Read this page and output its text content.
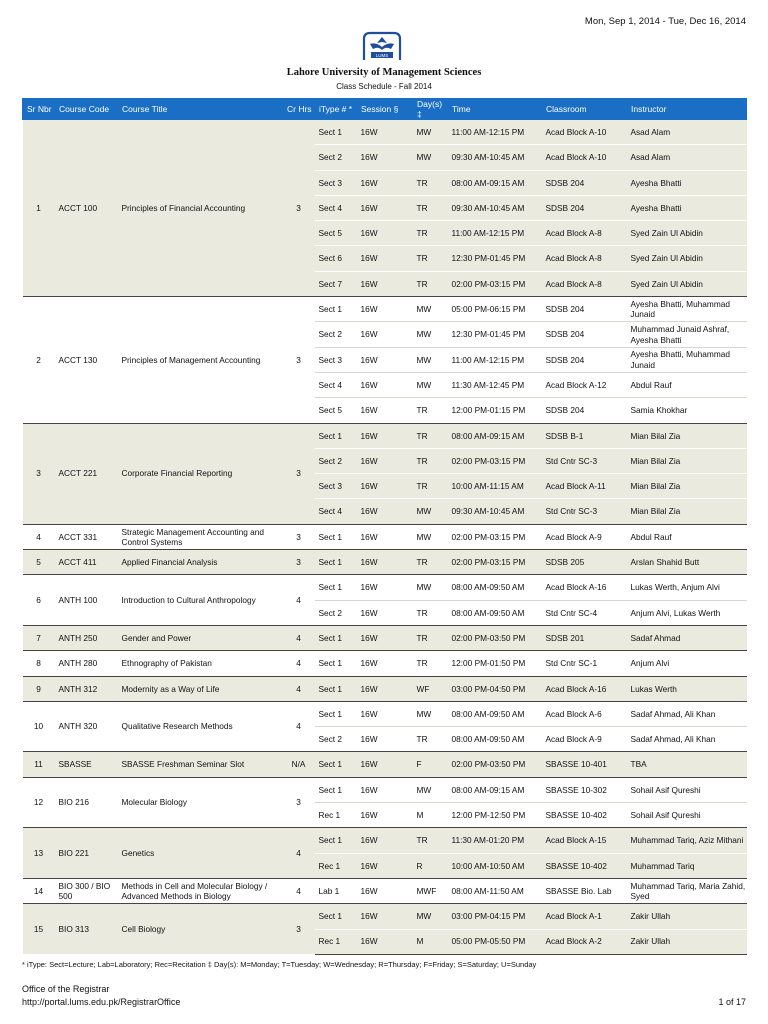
Mon, Sep 1, 2014 - Tue, Dec 16, 2014
LUMS
Lahore University of Management Sciences
Class Schedule - Fall 2014
Sr Nbr	Course Code	Course Title	Cr Hrs	iType # *	Session §	Day(s) ‡	Time	Classroom	Instructor
1	ACCT 100	Principles of Financial Accounting	3	Sect 1	16W	MW	11:00 AM-12:15 PM	Acad Block A-10	Asad Alam
				Sect 2	16W	MW	09:30 AM-10:45 AM	Acad Block A-10	Asad Alam
				Sect 3	16W	TR	08:00 AM-09:15 AM	SDSB 204	Ayesha Bhatti
				Sect 4	16W	TR	09:30 AM-10:45 AM	SDSB 204	Ayesha Bhatti
				Sect 5	16W	TR	11:00 AM-12:15 PM	Acad Block A-8	Syed Zain Ul Abidin
				Sect 6	16W	TR	12:30 PM-01:45 PM	Acad Block A-8	Syed Zain Ul Abidin
				Sect 7	16W	TR	02:00 PM-03:15 PM	Acad Block A-8	Syed Zain Ul Abidin
2	ACCT 130	Principles of Management Accounting	3	Sect 1	16W	MW	05:00 PM-06:15 PM	SDSB 204	Ayesha Bhatti, Muhammad Junaid
				Sect 2	16W	MW	12:30 PM-01:45 PM	SDSB 204	Muhammad Junaid Ashraf, Ayesha Bhatti
				Sect 3	16W	MW	11:00 AM-12:15 PM	SDSB 204	Ayesha Bhatti, Muhammad Junaid
				Sect 4	16W	MW	11:30 AM-12:45 PM	Acad Block A-12	Abdul Rauf
				Sect 5	16W	TR	12:00 PM-01:15 PM	SDSB 204	Samia Khokhar
3	ACCT 221	Corporate Financial Reporting	3	Sect 1	16W	TR	08:00 AM-09:15 AM	SDSB B-1	Mian Bilal Zia
				Sect 2	16W	TR	02:00 PM-03:15 PM	Std Cntr SC-3	Mian Bilal Zia
				Sect 3	16W	TR	10:00 AM-11:15 AM	Acad Block A-11	Mian Bilal Zia
				Sect 4	16W	MW	09:30 AM-10:45 AM	Std Cntr SC-3	Mian Bilal Zia
4	ACCT 331	Strategic Management Accounting and Control Systems	3	Sect 1	16W	MW	02:00 PM-03:15 PM	Acad Block A-9	Abdul Rauf
5	ACCT 411	Applied Financial Analysis	3	Sect 1	16W	TR	02:00 PM-03:15 PM	SDSB 205	Arslan Shahid Butt
6	ANTH 100	Introduction to Cultural Anthropology	4	Sect 1	16W	MW	08:00 AM-09:50 AM	Acad Block A-16	Lukas Werth, Anjum Alvi
				Sect 2	16W	TR	08:00 AM-09:50 AM	Std Cntr SC-4	Anjum Alvi, Lukas Werth
7	ANTH 250	Gender and Power	4	Sect 1	16W	TR	02:00 PM-03:50 PM	SDSB 201	Sadaf Ahmad
8	ANTH 280	Ethnography of Pakistan	4	Sect 1	16W	TR	12:00 PM-01:50 PM	Std Cntr SC-1	Anjum Alvi
9	ANTH 312	Modernity as a Way of Life	4	Sect 1	16W	WF	03:00 PM-04:50 PM	Acad Block A-16	Lukas Werth
10	ANTH 320	Qualitative Research Methods	4	Sect 1	16W	MW	08:00 AM-09:50 AM	Acad Block A-6	Sadaf Ahmad, Ali Khan
				Sect 2	16W	TR	08:00 AM-09:50 AM	Acad Block A-9	Sadaf Ahmad, Ali Khan
11	SBASSE	SBASSE Freshman Seminar Slot	N/A	Sect 1	16W	F	02:00 PM-03:50 PM	SBASSE 10-401	TBA
12	BIO 216	Molecular Biology	3	Sect 1	16W	MW	08:00 AM-09:15 AM	SBASSE 10-302	Sohail Asif Qureshi
				Rec 1	16W	M	12:00 PM-12:50 PM	SBASSE 10-402	Sohail Asif Qureshi
13	BIO 221	Genetics	4	Sect 1	16W	TR	11:30 AM-01:20 PM	Acad Block A-15	Muhammad Tariq, Aziz Mithani
				Rec 1	16W	R	10:00 AM-10:50 AM	SBASSE 10-402	Muhammad Tariq
14	BIO 300 / BIO 500	Methods in Cell and Molecular Biology / Advanced Methods in Biology	4	Lab 1	16W	MWF	08:00 AM-11:50 AM	SBASSE Bio. Lab	Muhammad Tariq, Maria Zahid, Syed
15	BIO 313	Cell Biology	3	Sect 1	16W	MW	03:00 PM-04:15 PM	Acad Block A-1	Zakir Ullah
				Rec 1	16W	M	05:00 PM-05:50 PM	Acad Block A-2	Zakir Ullah
* iType: Sect=Lecture; Lab=Laboratory; Rec=Recitation ‡ Day(s): M=Monday; T=Tuesday; W=Wednesday; R=Thursday; F=Friday; S=Saturday; U=Sunday
Office of the Registrar
http://portal.lums.edu.pk/RegistrarOffice	1 of 17
